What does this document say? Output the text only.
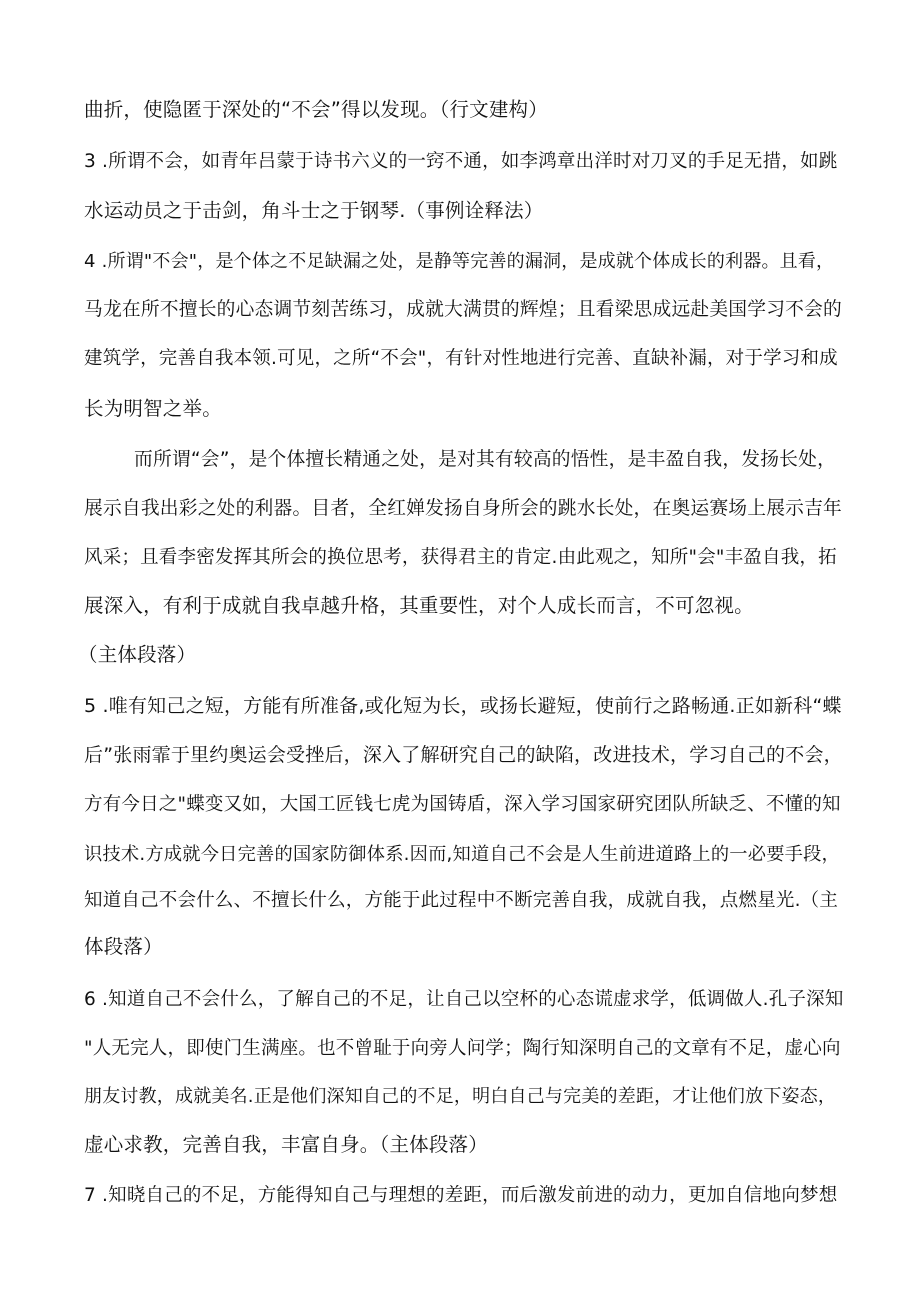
曲折，使隐匿于深处的“不会”得以发现。（行文建构）
3 .所谓不会，如青年吕蒙于诗书六义的一窍不通，如李鸿章出洋时对刀叉的手足无措，如跳
水运动员之于击剑，角斗士之于钢琴.（事例诠释法）
4 .所谓"不会"，是个体之不足缺漏之处，是静等完善的漏洞，是成就个体成长的利器。且看，
马龙在所不擅长的心态调节刻苦练习，成就大满贯的辉煌；且看梁思成远赴美国学习不会的
建筑学，完善自我本领.可见，之所“不会"，有针对性地进行完善、直缺补漏，对于学习和成
长为明智之举。
而所谓“会”，是个体擅长精通之处，是对其有较高的悟性，是丰盈自我，发扬长处，
展示自我出彩之处的利器。目者，全红婵发扬自身所会的跳水长处，在奥运赛场上展示吉年
风采；且看李密发挥其所会的换位思考，获得君主的肯定.由此观之，知所"会"丰盈自我，拓
展深入，有利于成就自我卓越升格，其重要性，对个人成长而言，不可忽视。
（主体段落）
5 .唯有知己之短，方能有所准备,或化短为长，或扬长避短，使前行之路畅通.正如新科“蝶
后”张雨霏于里约奥运会受挫后，深入了解研究自己的缺陷，改进技术，学习自己的不会，
方有今日之"蝶变又如，大国工匠钱七虎为国铸盾，深入学习国家研究团队所缺乏、不懂的知
识技术.方成就今日完善的国家防御体系.因而,知道自己不会是人生前进道路上的一必要手段，
知道自己不会什么、不擅长什么，方能于此过程中不断完善自我，成就自我，点燃星光.（主
体段落）
6 .知道自己不会什么，了解自己的不足，让自己以空杯的心态谎虚求学，低调做人.孔子深知
"人无完人，即使门生满座。也不曾耻于向旁人问学；陶行知深明自己的文章有不足，虚心向
朋友讨教，成就美名.正是他们深知自己的不足，明白自己与完美的差距，才让他们放下姿态，
虚心求教，完善自我，丰富自身。（主体段落）
7 .知晓自己的不足，方能得知自己与理想的差距，而后激发前进的动力，更加自信地向梦想
